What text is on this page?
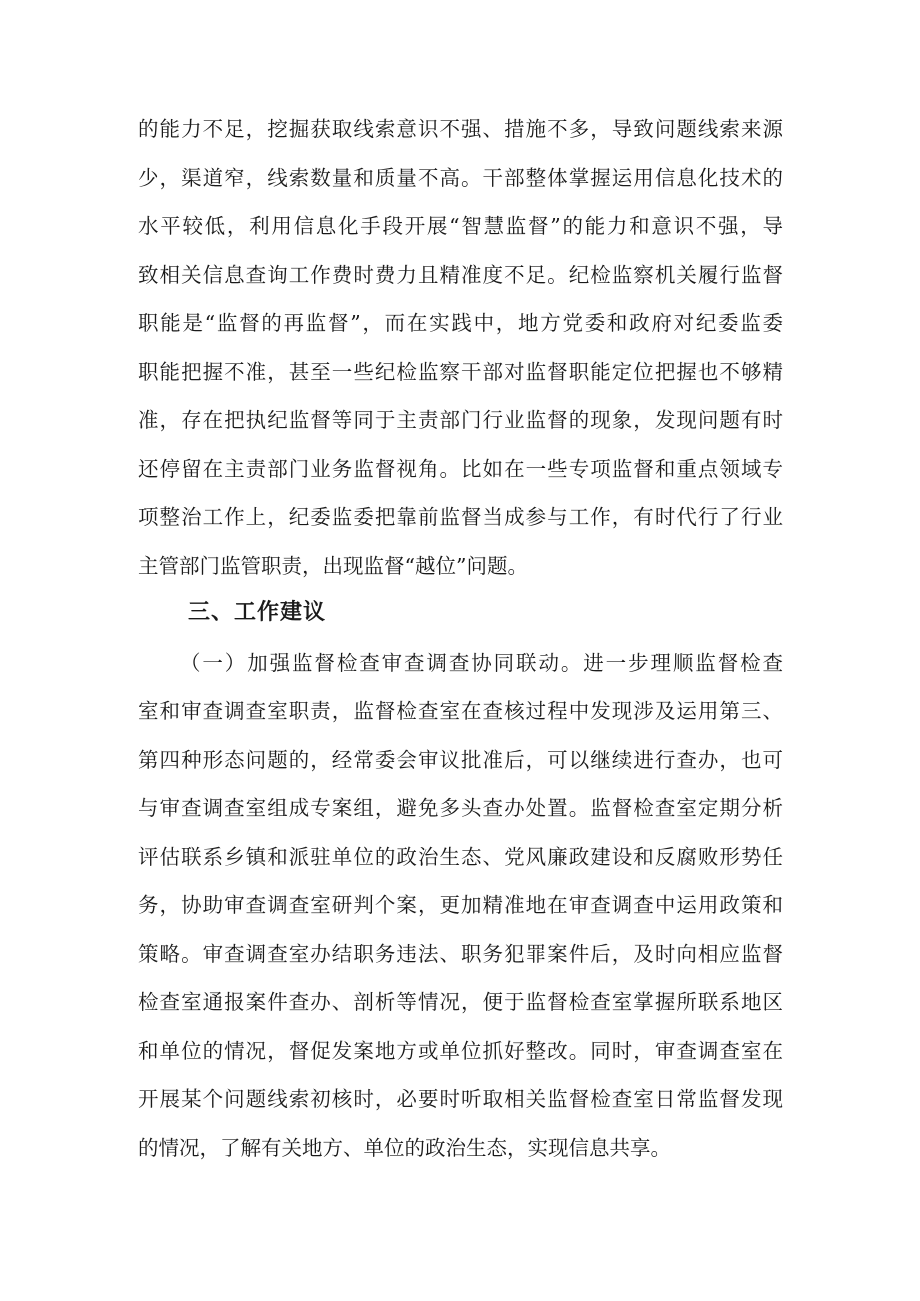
的能力不足，挖掘获取线索意识不强、措施不多，导致问题线索来源
少，渠道窄，线索数量和质量不高。干部整体掌握运用信息化技术的
水平较低，利用信息化手段开展“智慧监督”的能力和意识不强，导
致相关信息查询工作费时费力且精准度不足。纪检监察机关履行监督
职能是“监督的再监督”，而在实践中，地方党委和政府对纪委监委
职能把握不准，甚至一些纪检监察干部对监督职能定位把握也不够精
准，存在把执纪监督等同于主责部门行业监督的现象，发现问题有时
还停留在主责部门业务监督视角。比如在一些专项监督和重点领域专
项整治工作上，纪委监委把靠前监督当成参与工作，有时代行了行业
主管部门监管职责，出现监督“越位”问题。
三、工作建议
（一）加强监督检查审查调查协同联动。进一步理顺监督检查
室和审查调查室职责，监督检查室在查核过程中发现涉及运用第三、
第四种形态问题的，经常委会审议批准后，可以继续进行查办，也可
与审查调查室组成专案组，避免多头查办处置。监督检查室定期分析
评估联系乡镇和派驻单位的政治生态、党风廉政建设和反腐败形势任
务，协助审查调查室研判个案，更加精准地在审查调查中运用政策和
策略。审查调查室办结职务违法、职务犯罪案件后，及时向相应监督
检查室通报案件查办、剖析等情况，便于监督检查室掌握所联系地区
和单位的情况，督促发案地方或单位抓好整改。同时，审查调查室在
开展某个问题线索初核时，必要时听取相关监督检查室日常监督发现
的情况，了解有关地方、单位的政治生态，实现信息共享。
